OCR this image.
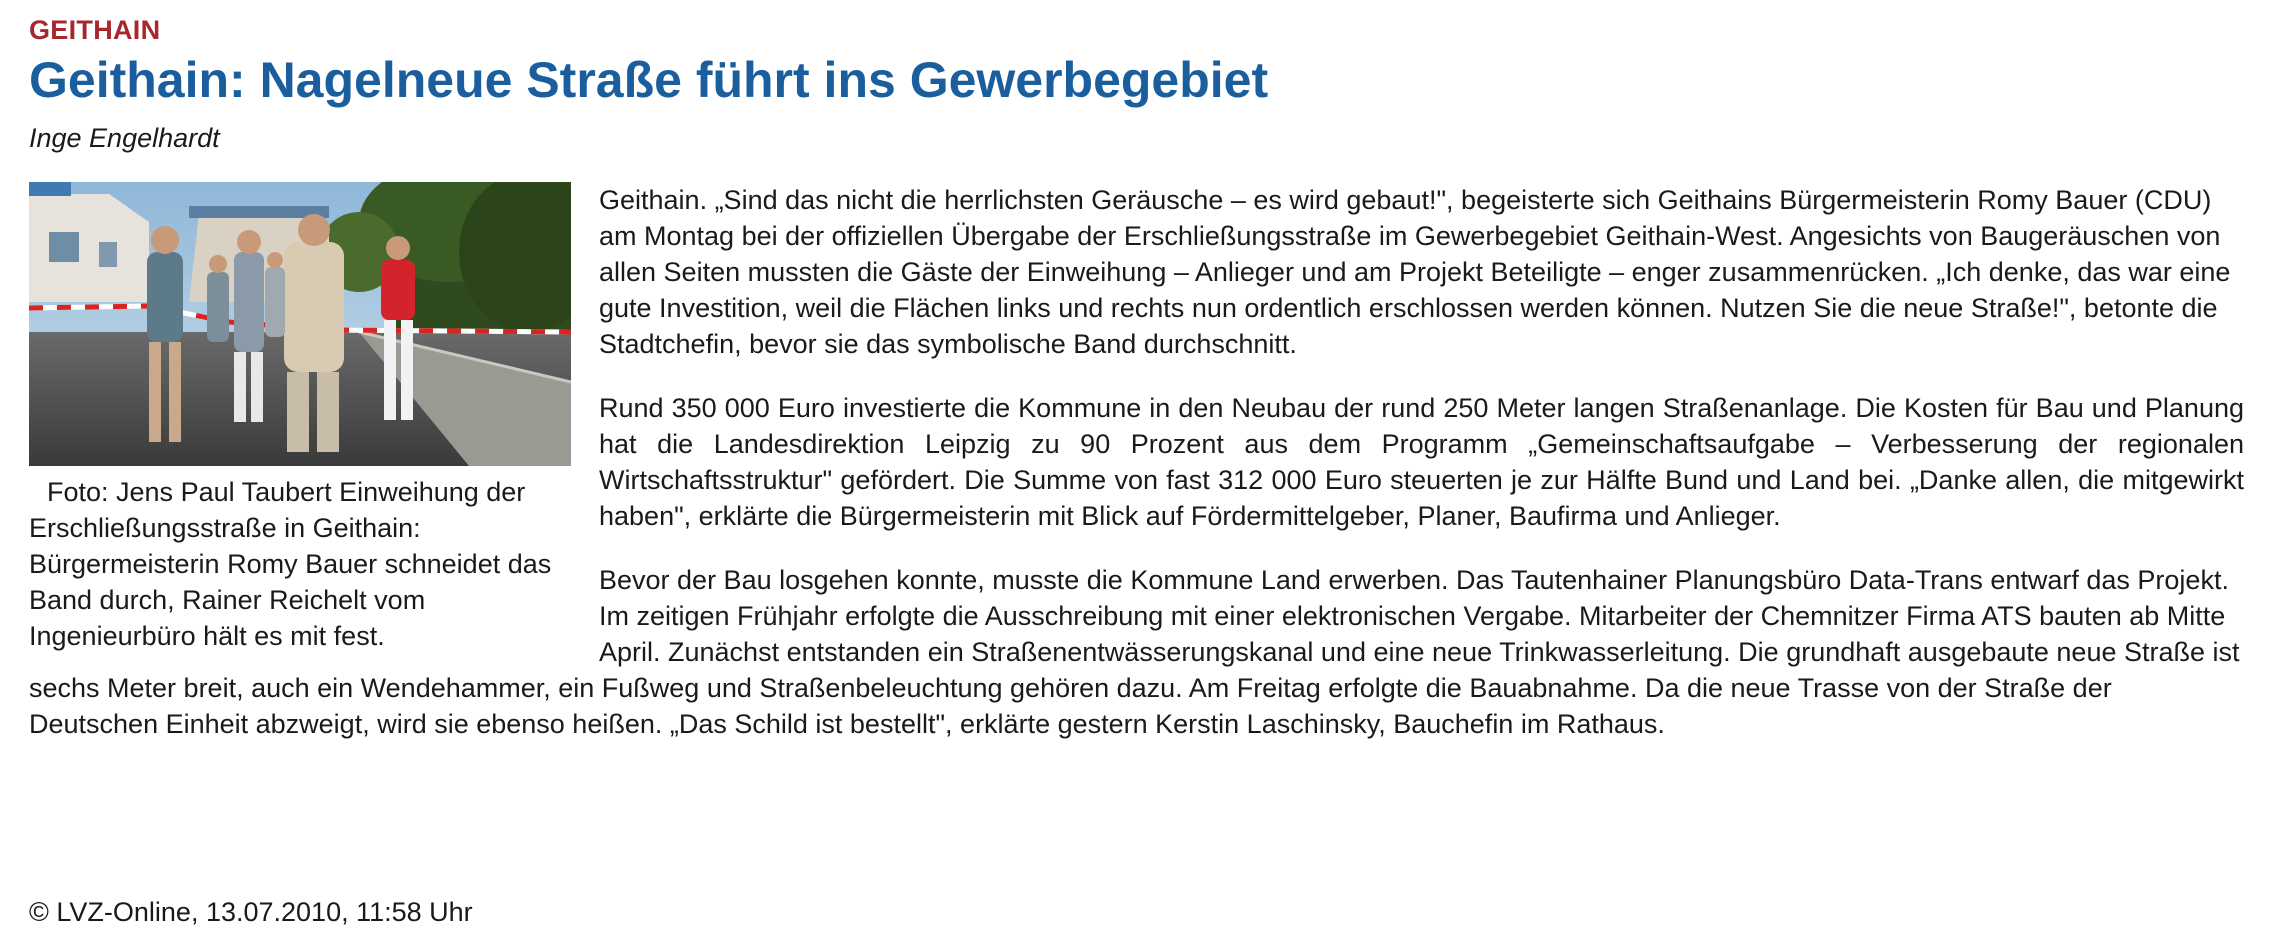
GEITHAIN
Geithain: Nagelneue Straße führt ins Gewerbegebiet
Inge Engelhardt
Foto: Jens Paul Taubert Einweihung der Erschließungsstraße in Geithain: Bürgermeisterin Romy Bauer schneidet das Band durch, Rainer Reichelt vom Ingenieurbüro hält es mit fest.

Geithain. „Sind das nicht die herrlichsten Geräusche – es wird gebaut!", begeisterte sich Geithains Bürgermeisterin Romy Bauer (CDU) am Montag bei der offiziellen Übergabe der Erschließungsstraße im Gewerbegebiet Geithain-West. Angesichts von Baugeräuschen von allen Seiten mussten die Gäste der Einweihung – Anlieger und am Projekt Beteiligte – enger zusammenrücken. „Ich denke, das war eine gute Investition, weil die Flächen links und rechts nun ordentlich erschlossen werden können. Nutzen Sie die neue Straße!", betonte die Stadtchefin, bevor sie das symbolische Band durchschnitt.

Rund 350 000 Euro investierte die Kommune in den Neubau der rund 250 Meter langen Straßenanlage. Die Kosten für Bau und Planung hat die Landesdirektion Leipzig zu 90 Prozent aus dem Programm „Gemeinschaftsaufgabe – Verbesserung der regionalen Wirtschaftsstruktur" gefördert. Die Summe von fast 312 000 Euro steuerten je zur Hälfte Bund und Land bei. „Danke allen, die mitgewirkt haben", erklärte die Bürgermeisterin mit Blick auf Fördermittelgeber, Planer, Baufirma und Anlieger.

Bevor der Bau losgehen konnte, musste die Kommune Land erwerben. Das Tautenhainer Planungsbüro Data-Trans entwarf das Projekt. Im zeitigen Frühjahr erfolgte die Ausschreibung mit einer elektronischen Vergabe. Mitarbeiter der Chemnitzer Firma ATS bauten ab Mitte April. Zunächst entstanden ein Straßenentwässerungskanal und eine neue Trinkwasserleitung. Die grundhaft ausgebaute neue Straße ist sechs Meter breit, auch ein Wendehammer, ein Fußweg und Straßenbeleuchtung gehören dazu. Am Freitag erfolgte die Bauabnahme. Da die neue Trasse von der Straße der Deutschen Einheit abzweigt, wird sie ebenso heißen. „Das Schild ist bestellt", erklärte gestern Kerstin Laschinsky, Bauchefin im Rathaus.

© LVZ-Online, 13.07.2010, 11:58 Uhr
